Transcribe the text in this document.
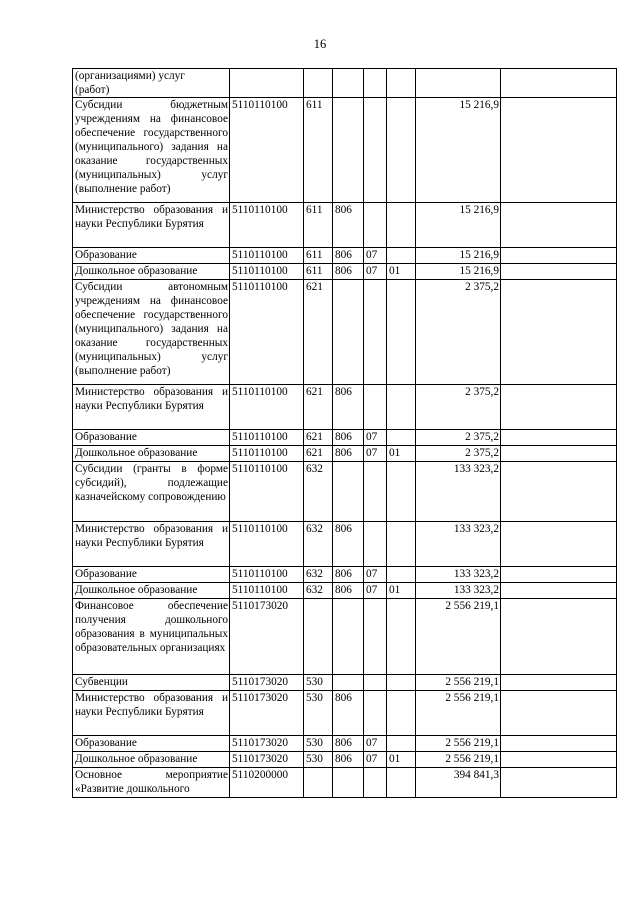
16
(организациями) услуг
(работ)							
Субсидии бюджетным учреждениям на финансовое обеспечение государственного (муниципального) задания на оказание государственных (муниципальных) услуг (выполнение работ)	5110110100	611				15 216,9	
Министерство образования и науки Республики Бурятия	5110110100	611	806			15 216,9	
Образование	5110110100	611	806	07		15 216,9	
Дошкольное образование	5110110100	611	806	07	01	15 216,9	
Субсидии автономным учреждениям на финансовое обеспечение государственного (муниципального) задания на оказание государственных (муниципальных) услуг (выполнение работ)	5110110100	621				2 375,2	
Министерство образования и науки Республики Бурятия	5110110100	621	806			2 375,2	
Образование	5110110100	621	806	07		2 375,2	
Дошкольное образование	5110110100	621	806	07	01	2 375,2	
Субсидии (гранты в форме субсидий), подлежащие казначейскому сопровождению	5110110100	632				133 323,2	
Министерство образования и науки Республики Бурятия	5110110100	632	806			133 323,2	
Образование	5110110100	632	806	07		133 323,2	
Дошкольное образование	5110110100	632	806	07	01	133 323,2	
Финансовое обеспечение получения дошкольного образования в муниципальных образовательных организациях	5110173020					2 556 219,1	
Субвенции	5110173020	530				2 556 219,1	
Министерство образования и науки Республики Бурятия	5110173020	530	806			2 556 219,1	
Образование	5110173020	530	806	07		2 556 219,1	
Дошкольное образование	5110173020	530	806	07	01	2 556 219,1	
Основное мероприятие «Развитие дошкольного	5110200000					394 841,3	
